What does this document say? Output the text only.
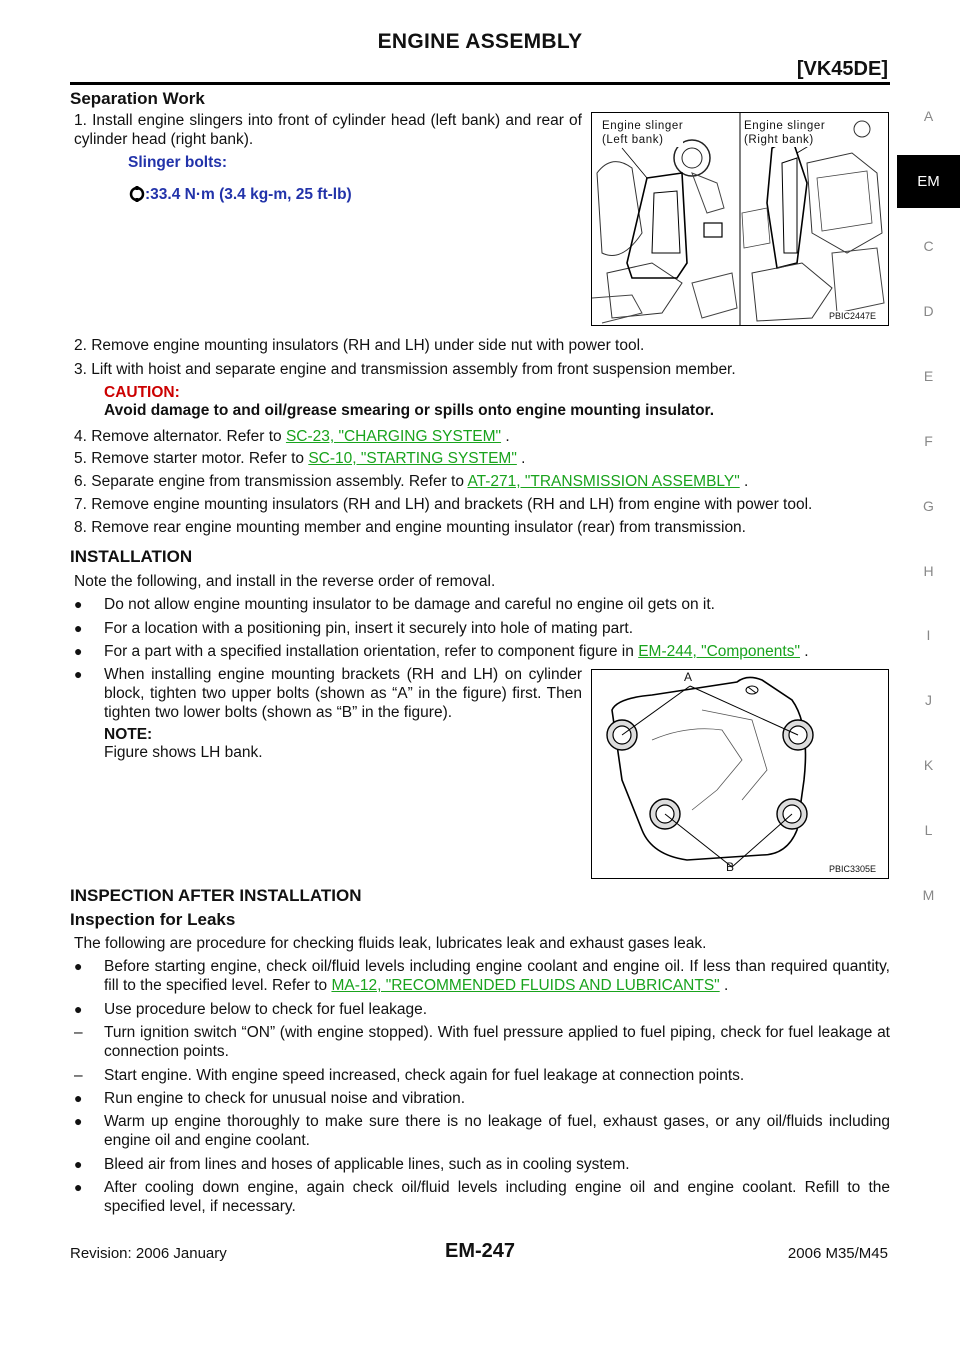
ENGINE ASSEMBLY
[VK45DE]
A
EM
C
D
E
F
G
H
I
J
K
L
M
Separation Work
1. Install engine slingers into front of cylinder head (left bank) and rear of cylinder head (right bank).
Slinger bolts:
:33.4 N·m (3.4 kg-m, 25 ft-lb)
Engine slinger
(Left bank)
Engine slinger
(Right bank)
PBIC2447E
2. Remove engine mounting insulators (RH and LH) under side nut with power tool.
3. Lift with hoist and separate engine and transmission assembly from front suspension member.
CAUTION:
Avoid damage to and oil/grease smearing or spills onto engine mounting insulator.
4. Remove alternator. Refer to SC-23, "CHARGING SYSTEM" .
5. Remove starter motor. Refer to SC-10, "STARTING SYSTEM" .
6. Separate engine from transmission assembly. Refer to AT-271, "TRANSMISSION ASSEMBLY" .
7. Remove engine mounting insulators (RH and LH) and brackets (RH and LH) from engine with power tool.
8. Remove rear engine mounting member and engine mounting insulator (rear) from transmission.
INSTALLATION
Note the following, and install in the reverse order of removal.
●	Do not allow engine mounting insulator to be damage and careful no engine oil gets on it.
●	For a location with a positioning pin, insert it securely into hole of mating part.
●	For a part with a specified installation orientation, refer to component figure in EM-244, "Components" .
●	When installing engine mounting brackets (RH and LH) on cylinder block, tighten two upper bolts (shown as “A” in the figure) first. Then tighten two lower bolts (shown as “B” in the figure).
NOTE:
Figure shows LH bank.
A
B	PBIC3305E
INSPECTION AFTER INSTALLATION
Inspection for Leaks
The following are procedure for checking fluids leak, lubricates leak and exhaust gases leak.
●	Before starting engine, check oil/fluid levels including engine coolant and engine oil. If less than required quantity, fill to the specified level. Refer to MA-12, "RECOMMENDED FLUIDS AND LUBRICANTS" .
●	Use procedure below to check for fuel leakage.
–	Turn ignition switch “ON” (with engine stopped). With fuel pressure applied to fuel piping, check for fuel leakage at connection points.
–	Start engine. With engine speed increased, check again for fuel leakage at connection points.
●	Run engine to check for unusual noise and vibration.
●	Warm up engine thoroughly to make sure there is no leakage of fuel, exhaust gases, or any oil/fluids including engine oil and engine coolant.
●	Bleed air from lines and hoses of applicable lines, such as in cooling system.
●	After cooling down engine, again check oil/fluid levels including engine oil and engine coolant. Refill to the specified level, if necessary.
Revision: 2006 January	EM-247	2006 M35/M45
